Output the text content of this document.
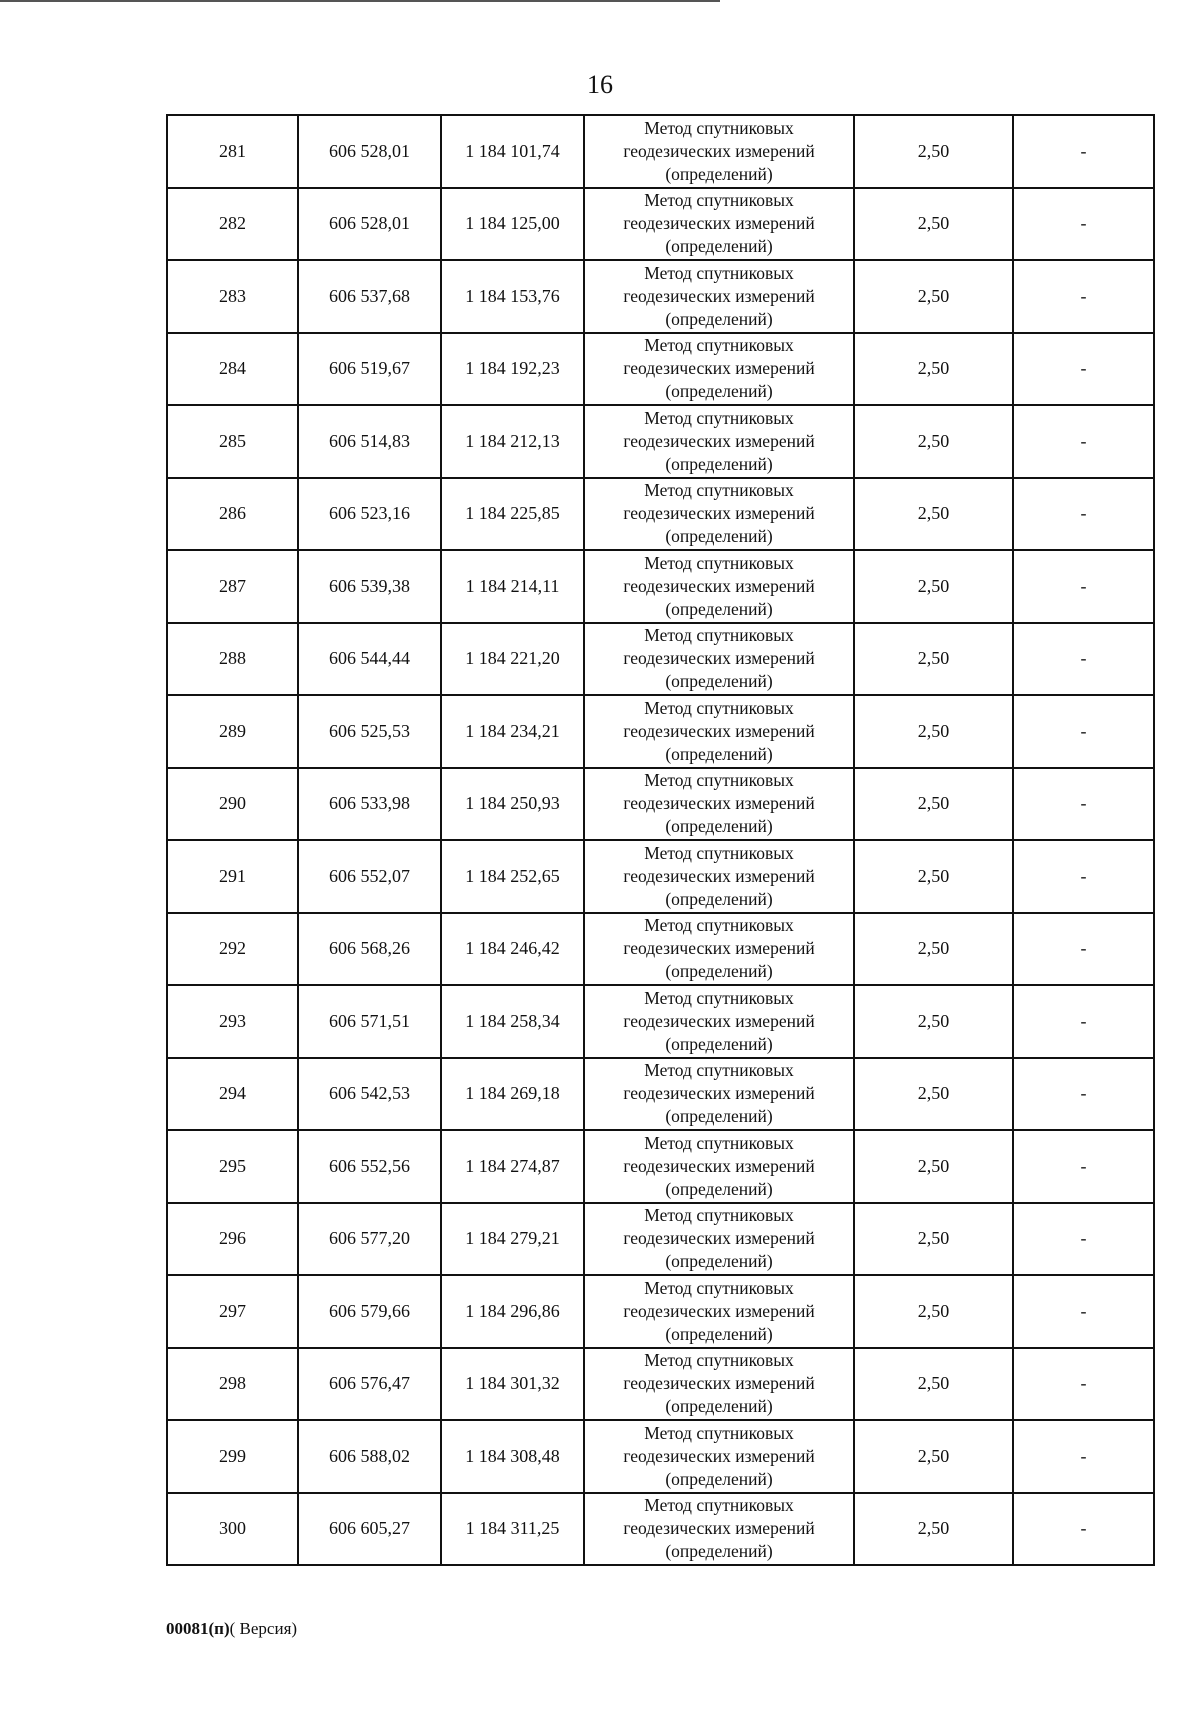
16
281	606 528,01	1 184 101,74	Метод спутниковых
геодезических измерений
(определений)	2,50	-
282	606 528,01	1 184 125,00	Метод спутниковых
геодезических измерений
(определений)	2,50	-
283	606 537,68	1 184 153,76	Метод спутниковых
геодезических измерений
(определений)	2,50	-
284	606 519,67	1 184 192,23	Метод спутниковых
геодезических измерений
(определений)	2,50	-
285	606 514,83	1 184 212,13	Метод спутниковых
геодезических измерений
(определений)	2,50	-
286	606 523,16	1 184 225,85	Метод спутниковых
геодезических измерений
(определений)	2,50	-
287	606 539,38	1 184 214,11	Метод спутниковых
геодезических измерений
(определений)	2,50	-
288	606 544,44	1 184 221,20	Метод спутниковых
геодезических измерений
(определений)	2,50	-
289	606 525,53	1 184 234,21	Метод спутниковых
геодезических измерений
(определений)	2,50	-
290	606 533,98	1 184 250,93	Метод спутниковых
геодезических измерений
(определений)	2,50	-
291	606 552,07	1 184 252,65	Метод спутниковых
геодезических измерений
(определений)	2,50	-
292	606 568,26	1 184 246,42	Метод спутниковых
геодезических измерений
(определений)	2,50	-
293	606 571,51	1 184 258,34	Метод спутниковых
геодезических измерений
(определений)	2,50	-
294	606 542,53	1 184 269,18	Метод спутниковых
геодезических измерений
(определений)	2,50	-
295	606 552,56	1 184 274,87	Метод спутниковых
геодезических измерений
(определений)	2,50	-
296	606 577,20	1 184 279,21	Метод спутниковых
геодезических измерений
(определений)	2,50	-
297	606 579,66	1 184 296,86	Метод спутниковых
геодезических измерений
(определений)	2,50	-
298	606 576,47	1 184 301,32	Метод спутниковых
геодезических измерений
(определений)	2,50	-
299	606 588,02	1 184 308,48	Метод спутниковых
геодезических измерений
(определений)	2,50	-
300	606 605,27	1 184 311,25	Метод спутниковых
геодезических измерений
(определений)	2,50	-
00081(п)( Версия)
